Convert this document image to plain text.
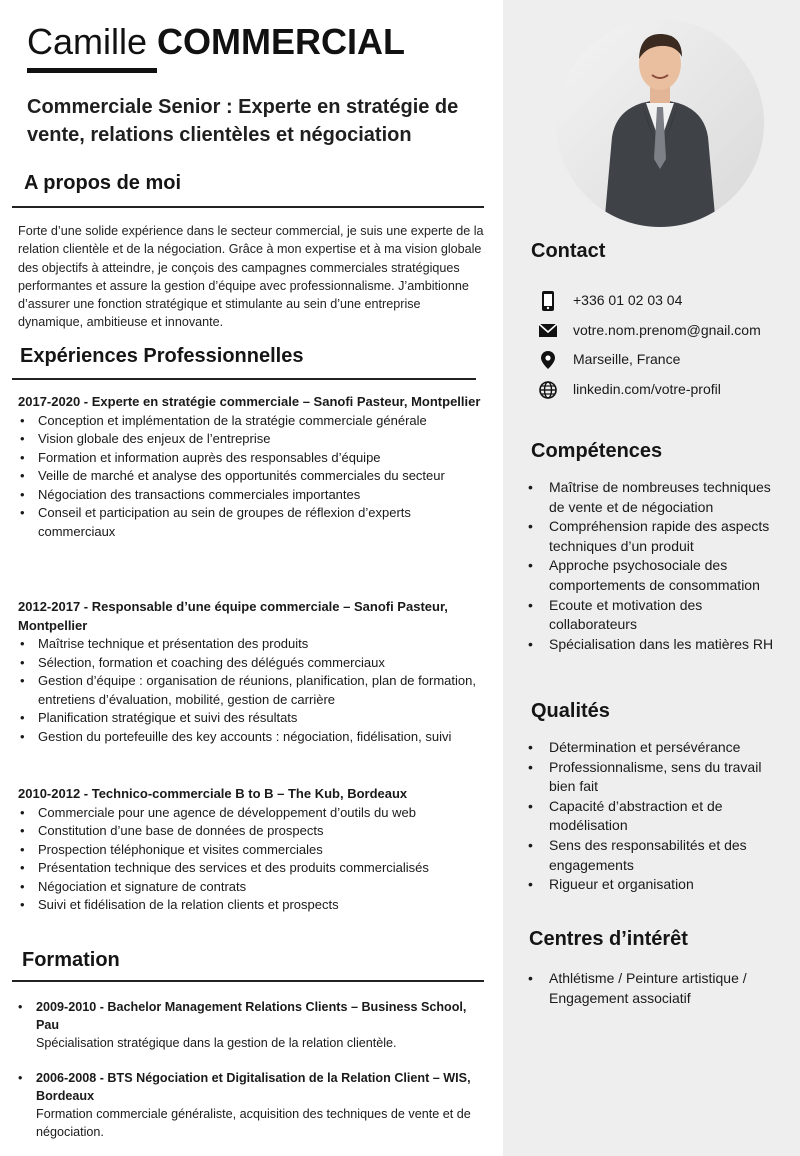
Camille COMMERCIAL
Commerciale Senior : Experte en stratégie de vente, relations clientèles et négociation
A propos de moi
Forte d’une solide expérience dans le secteur commercial, je suis une experte de la relation clientèle et de la négociation. Grâce à mon expertise et à ma vision globale des objectifs à atteindre, je conçois des campagnes commerciales stratégiques performantes et assure la gestion d’équipe avec professionnalisme. J’ambitionne d’assurer une fonction stratégique et stimulante au sein d’une entreprise dynamique, ambitieuse et innovante.
Expériences Professionnelles
2017-2020 - Experte en stratégie commerciale – Sanofi Pasteur, Montpellier
• Conception et implémentation de la stratégie commerciale générale
• Vision globale des enjeux de l’entreprise
• Formation et information auprès des responsables d’équipe
• Veille de marché et analyse des opportunités commerciales du secteur
• Négociation des transactions commerciales importantes
• Conseil et participation au sein de groupes de réflexion d’experts commerciaux
2012-2017 - Responsable d’une équipe commerciale – Sanofi Pasteur, Montpellier
• Maîtrise technique et présentation des produits
• Sélection, formation et coaching des délégués commerciaux
• Gestion d’équipe : organisation de réunions, planification, plan de formation, entretiens d’évaluation, mobilité, gestion de carrière
• Planification stratégique et suivi des résultats
• Gestion du portefeuille des key accounts : négociation, fidélisation, suivi
2010-2012 - Technico-commerciale B to B – The Kub, Bordeaux
• Commerciale pour une agence de développement d’outils du web
• Constitution d’une base de données de prospects
• Prospection téléphonique et visites commerciales
• Présentation technique des services et des produits commercialisés
• Négociation et signature de contrats
• Suivi et fidélisation de la relation clients et prospects
Formation
• 2009-2010 - Bachelor Management Relations Clients – Business School, Pau
Spécialisation stratégique dans la gestion de la relation clientèle.
• 2006-2008 - BTS Négociation et Digitalisation de la Relation Client – WIS, Bordeaux
Formation commerciale généraliste, acquisition des techniques de vente et de négociation.
Contact
+336 01 02 03 04
votre.nom.prenom@gnail.com
Marseille, France
linkedin.com/votre-profil
Compétences
• Maîtrise de nombreuses techniques de vente et de négociation
• Compréhension rapide des aspects techniques d’un produit
• Approche psychosociale des comportements de consommation
• Ecoute et motivation des collaborateurs
• Spécialisation dans les matières RH
Qualités
• Détermination et persévérance
• Professionnalisme, sens du travail bien fait
• Capacité d’abstraction et de modélisation
• Sens des responsabilités et des engagements
• Rigueur et organisation
Centres d’intérêt
• Athlétisme / Peinture artistique / Engagement associatif
